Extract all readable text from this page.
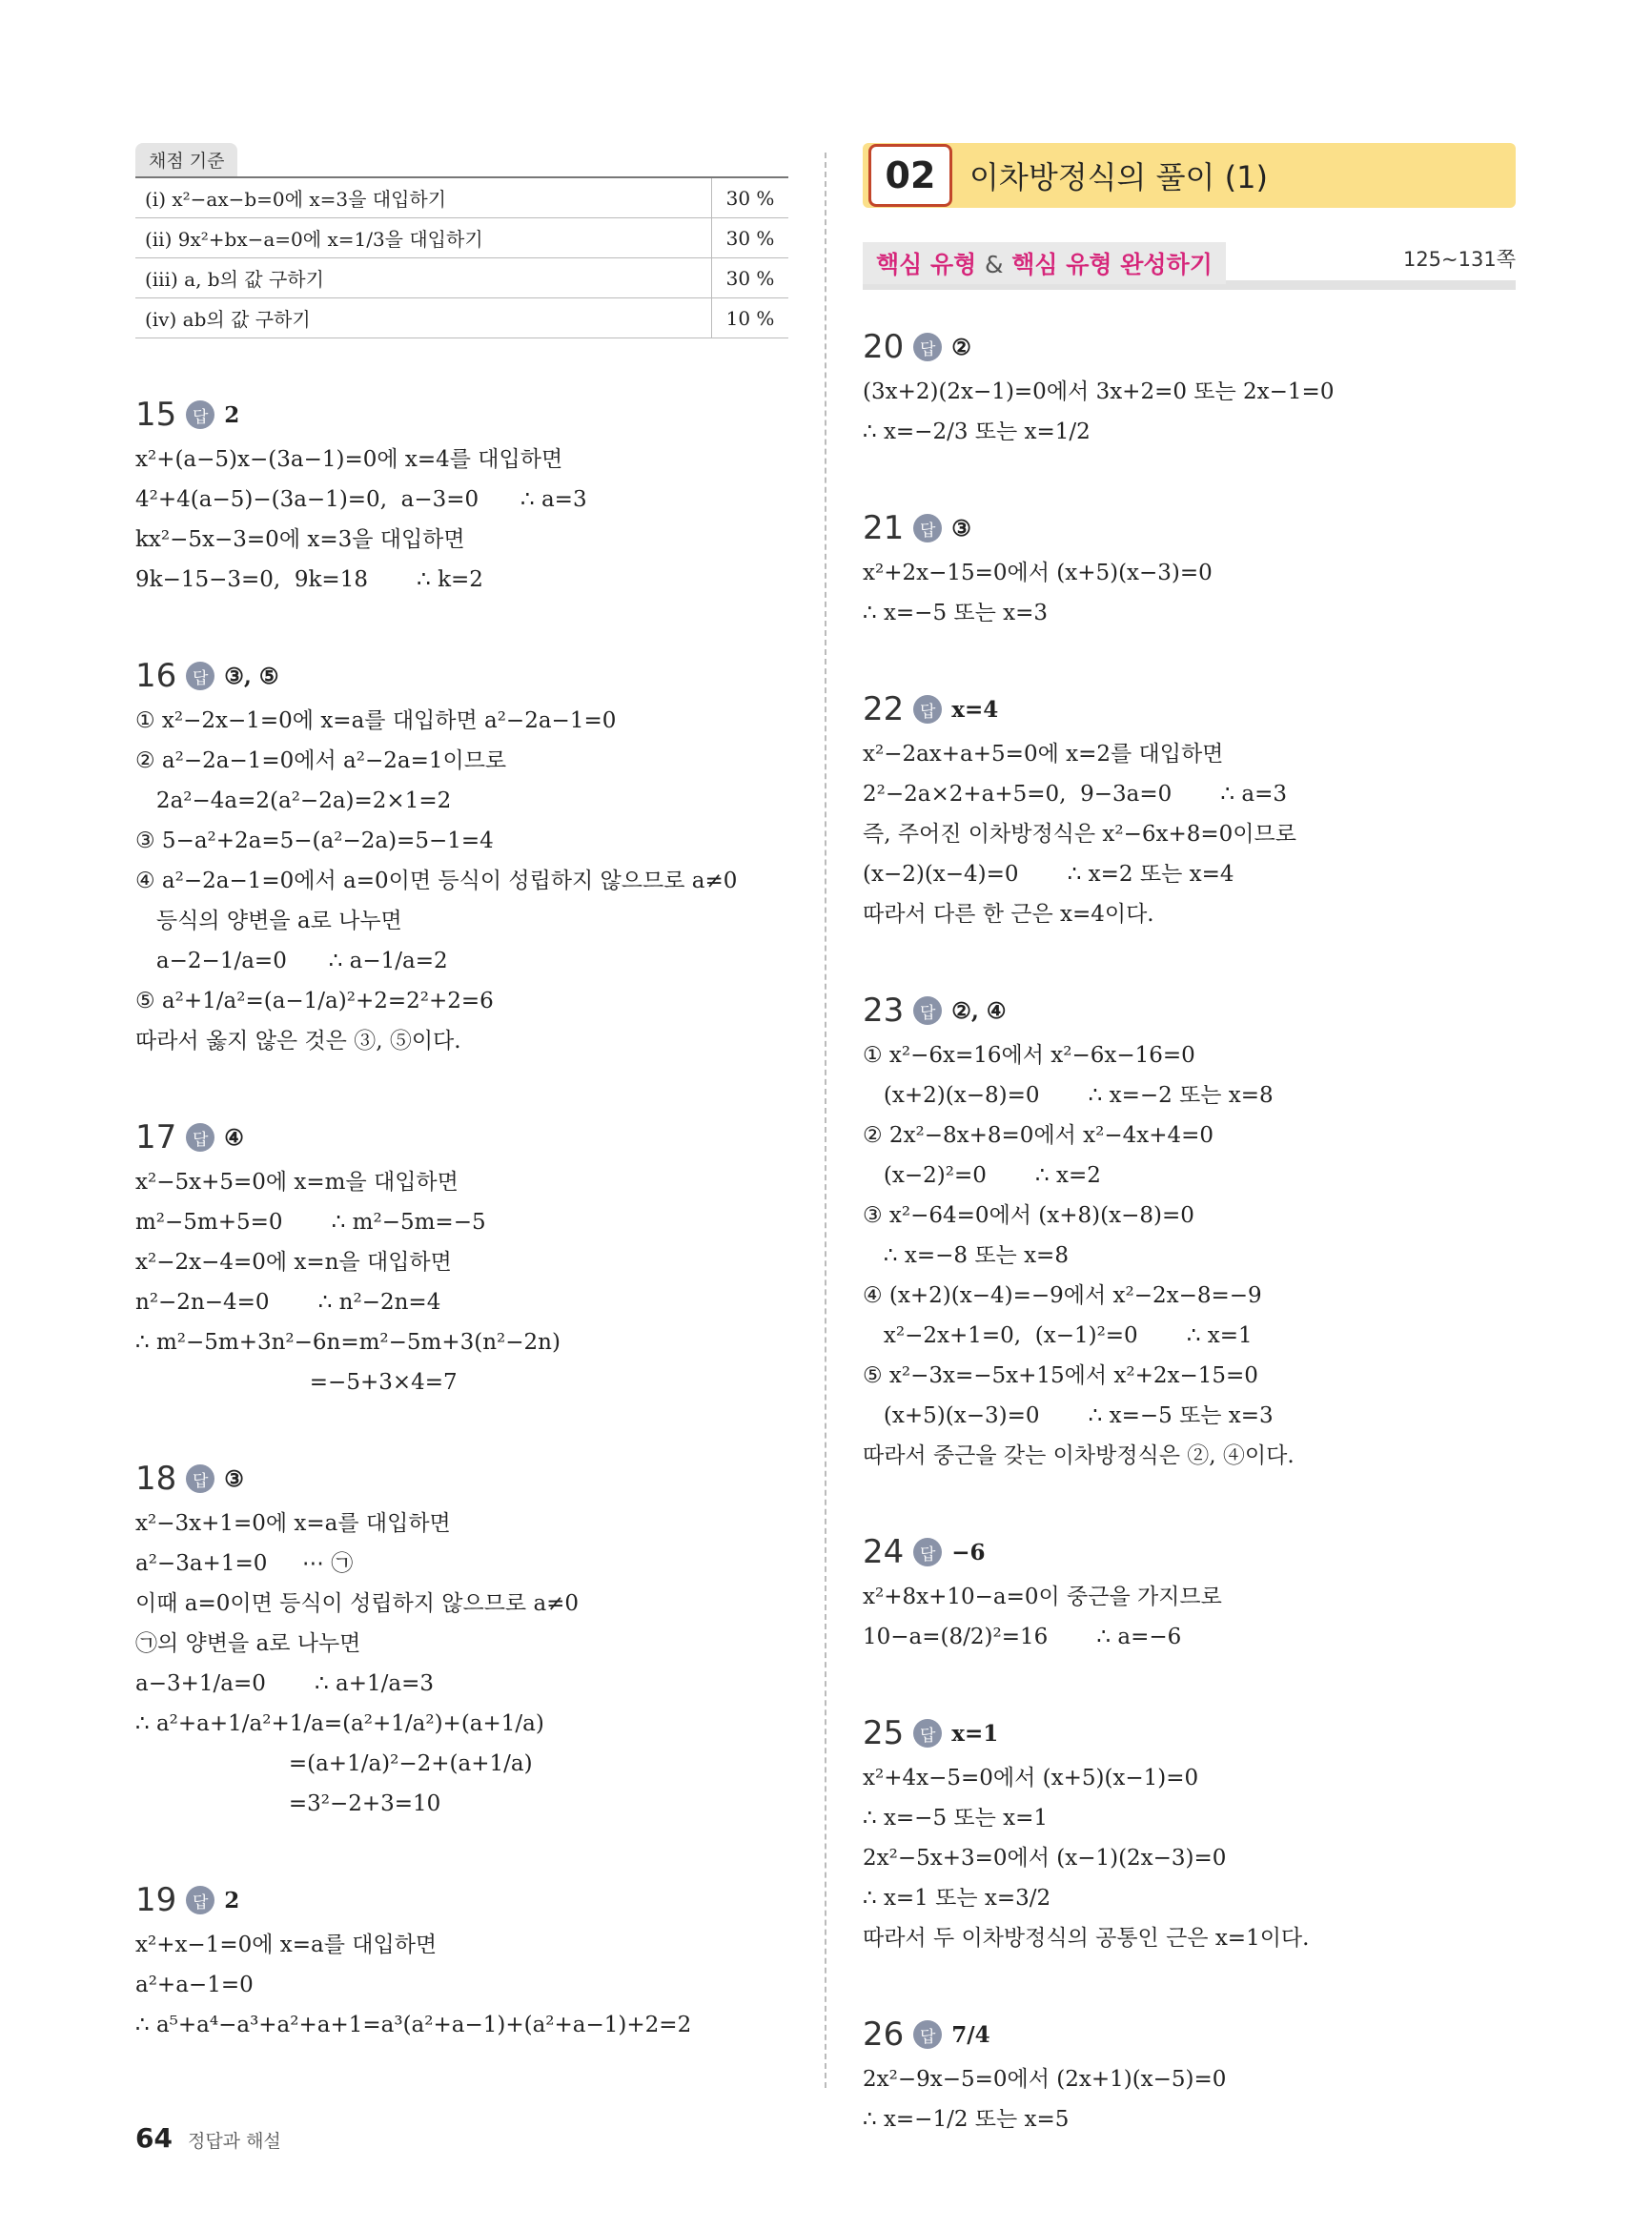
채점 기준
(ⅰ) x²−ax−b=0에 x=3을 대입하기	30 %
(ⅱ) 9x²+bx−a=0에 x=1/3을 대입하기	30 %
(ⅲ) a, b의 값 구하기	30 %
(ⅳ) ab의 값 구하기	10 %
15 답 2
x²+(a−5)x−(3a−1)=0에 x=4를 대입하면
4²+4(a−5)−(3a−1)=0,  a−3=0      ∴ a=3
kx²−5x−3=0에 x=3을 대입하면
9k−15−3=0,  9k=18       ∴ k=2
16 답 ③, ⑤
① x²−2x−1=0에 x=a를 대입하면 a²−2a−1=0
② a²−2a−1=0에서 a²−2a=1이므로
2a²−4a=2(a²−2a)=2×1=2
③ 5−a²+2a=5−(a²−2a)=5−1=4
④ a²−2a−1=0에서 a=0이면 등식이 성립하지 않으므로 a≠0
등식의 양변을 a로 나누면
a−2−1/a=0      ∴ a−1/a=2
⑤ a²+1/a²=(a−1/a)²+2=2²+2=6
따라서 옳지 않은 것은 ③, ⑤이다.
17 답 ④
x²−5x+5=0에 x=m을 대입하면
m²−5m+5=0       ∴ m²−5m=−5
x²−2x−4=0에 x=n을 대입하면
n²−2n−4=0       ∴ n²−2n=4
∴ m²−5m+3n²−6n=m²−5m+3(n²−2n)
=−5+3×4=7
18 답 ③
x²−3x+1=0에 x=a를 대입하면
a²−3a+1=0     ⋯ ㉠
이때 a=0이면 등식이 성립하지 않으므로 a≠0
㉠의 양변을 a로 나누면
a−3+1/a=0       ∴ a+1/a=3
∴ a²+a+1/a²+1/a=(a²+1/a²)+(a+1/a)
=(a+1/a)²−2+(a+1/a)
=3²−2+3=10
19 답 2
x²+x−1=0에 x=a를 대입하면
a²+a−1=0
∴ a⁵+a⁴−a³+a²+a+1=a³(a²+a−1)+(a²+a−1)+2=2
02	이차방정식의 풀이 (1)
핵심 유형 & 핵심 유형 완성하기	125~131쪽
20 답 ②
(3x+2)(2x−1)=0에서 3x+2=0 또는 2x−1=0
∴ x=−2/3 또는 x=1/2
21 답 ③
x²+2x−15=0에서 (x+5)(x−3)=0
∴ x=−5 또는 x=3
22 답 x=4
x²−2ax+a+5=0에 x=2를 대입하면
2²−2a×2+a+5=0,  9−3a=0       ∴ a=3
즉, 주어진 이차방정식은 x²−6x+8=0이므로
(x−2)(x−4)=0       ∴ x=2 또는 x=4
따라서 다른 한 근은 x=4이다.
23 답 ②, ④
① x²−6x=16에서 x²−6x−16=0
(x+2)(x−8)=0       ∴ x=−2 또는 x=8
② 2x²−8x+8=0에서 x²−4x+4=0
(x−2)²=0       ∴ x=2
③ x²−64=0에서 (x+8)(x−8)=0
∴ x=−8 또는 x=8
④ (x+2)(x−4)=−9에서 x²−2x−8=−9
x²−2x+1=0,  (x−1)²=0       ∴ x=1
⑤ x²−3x=−5x+15에서 x²+2x−15=0
(x+5)(x−3)=0       ∴ x=−5 또는 x=3
따라서 중근을 갖는 이차방정식은 ②, ④이다.
24 답 −6
x²+8x+10−a=0이 중근을 가지므로
10−a=(8/2)²=16       ∴ a=−6
25 답 x=1
x²+4x−5=0에서 (x+5)(x−1)=0
∴ x=−5 또는 x=1
2x²−5x+3=0에서 (x−1)(2x−3)=0
∴ x=1 또는 x=3/2
따라서 두 이차방정식의 공통인 근은 x=1이다.
26 답 7/4
2x²−9x−5=0에서 (2x+1)(x−5)=0
∴ x=−1/2 또는 x=5
64 정답과 해설
